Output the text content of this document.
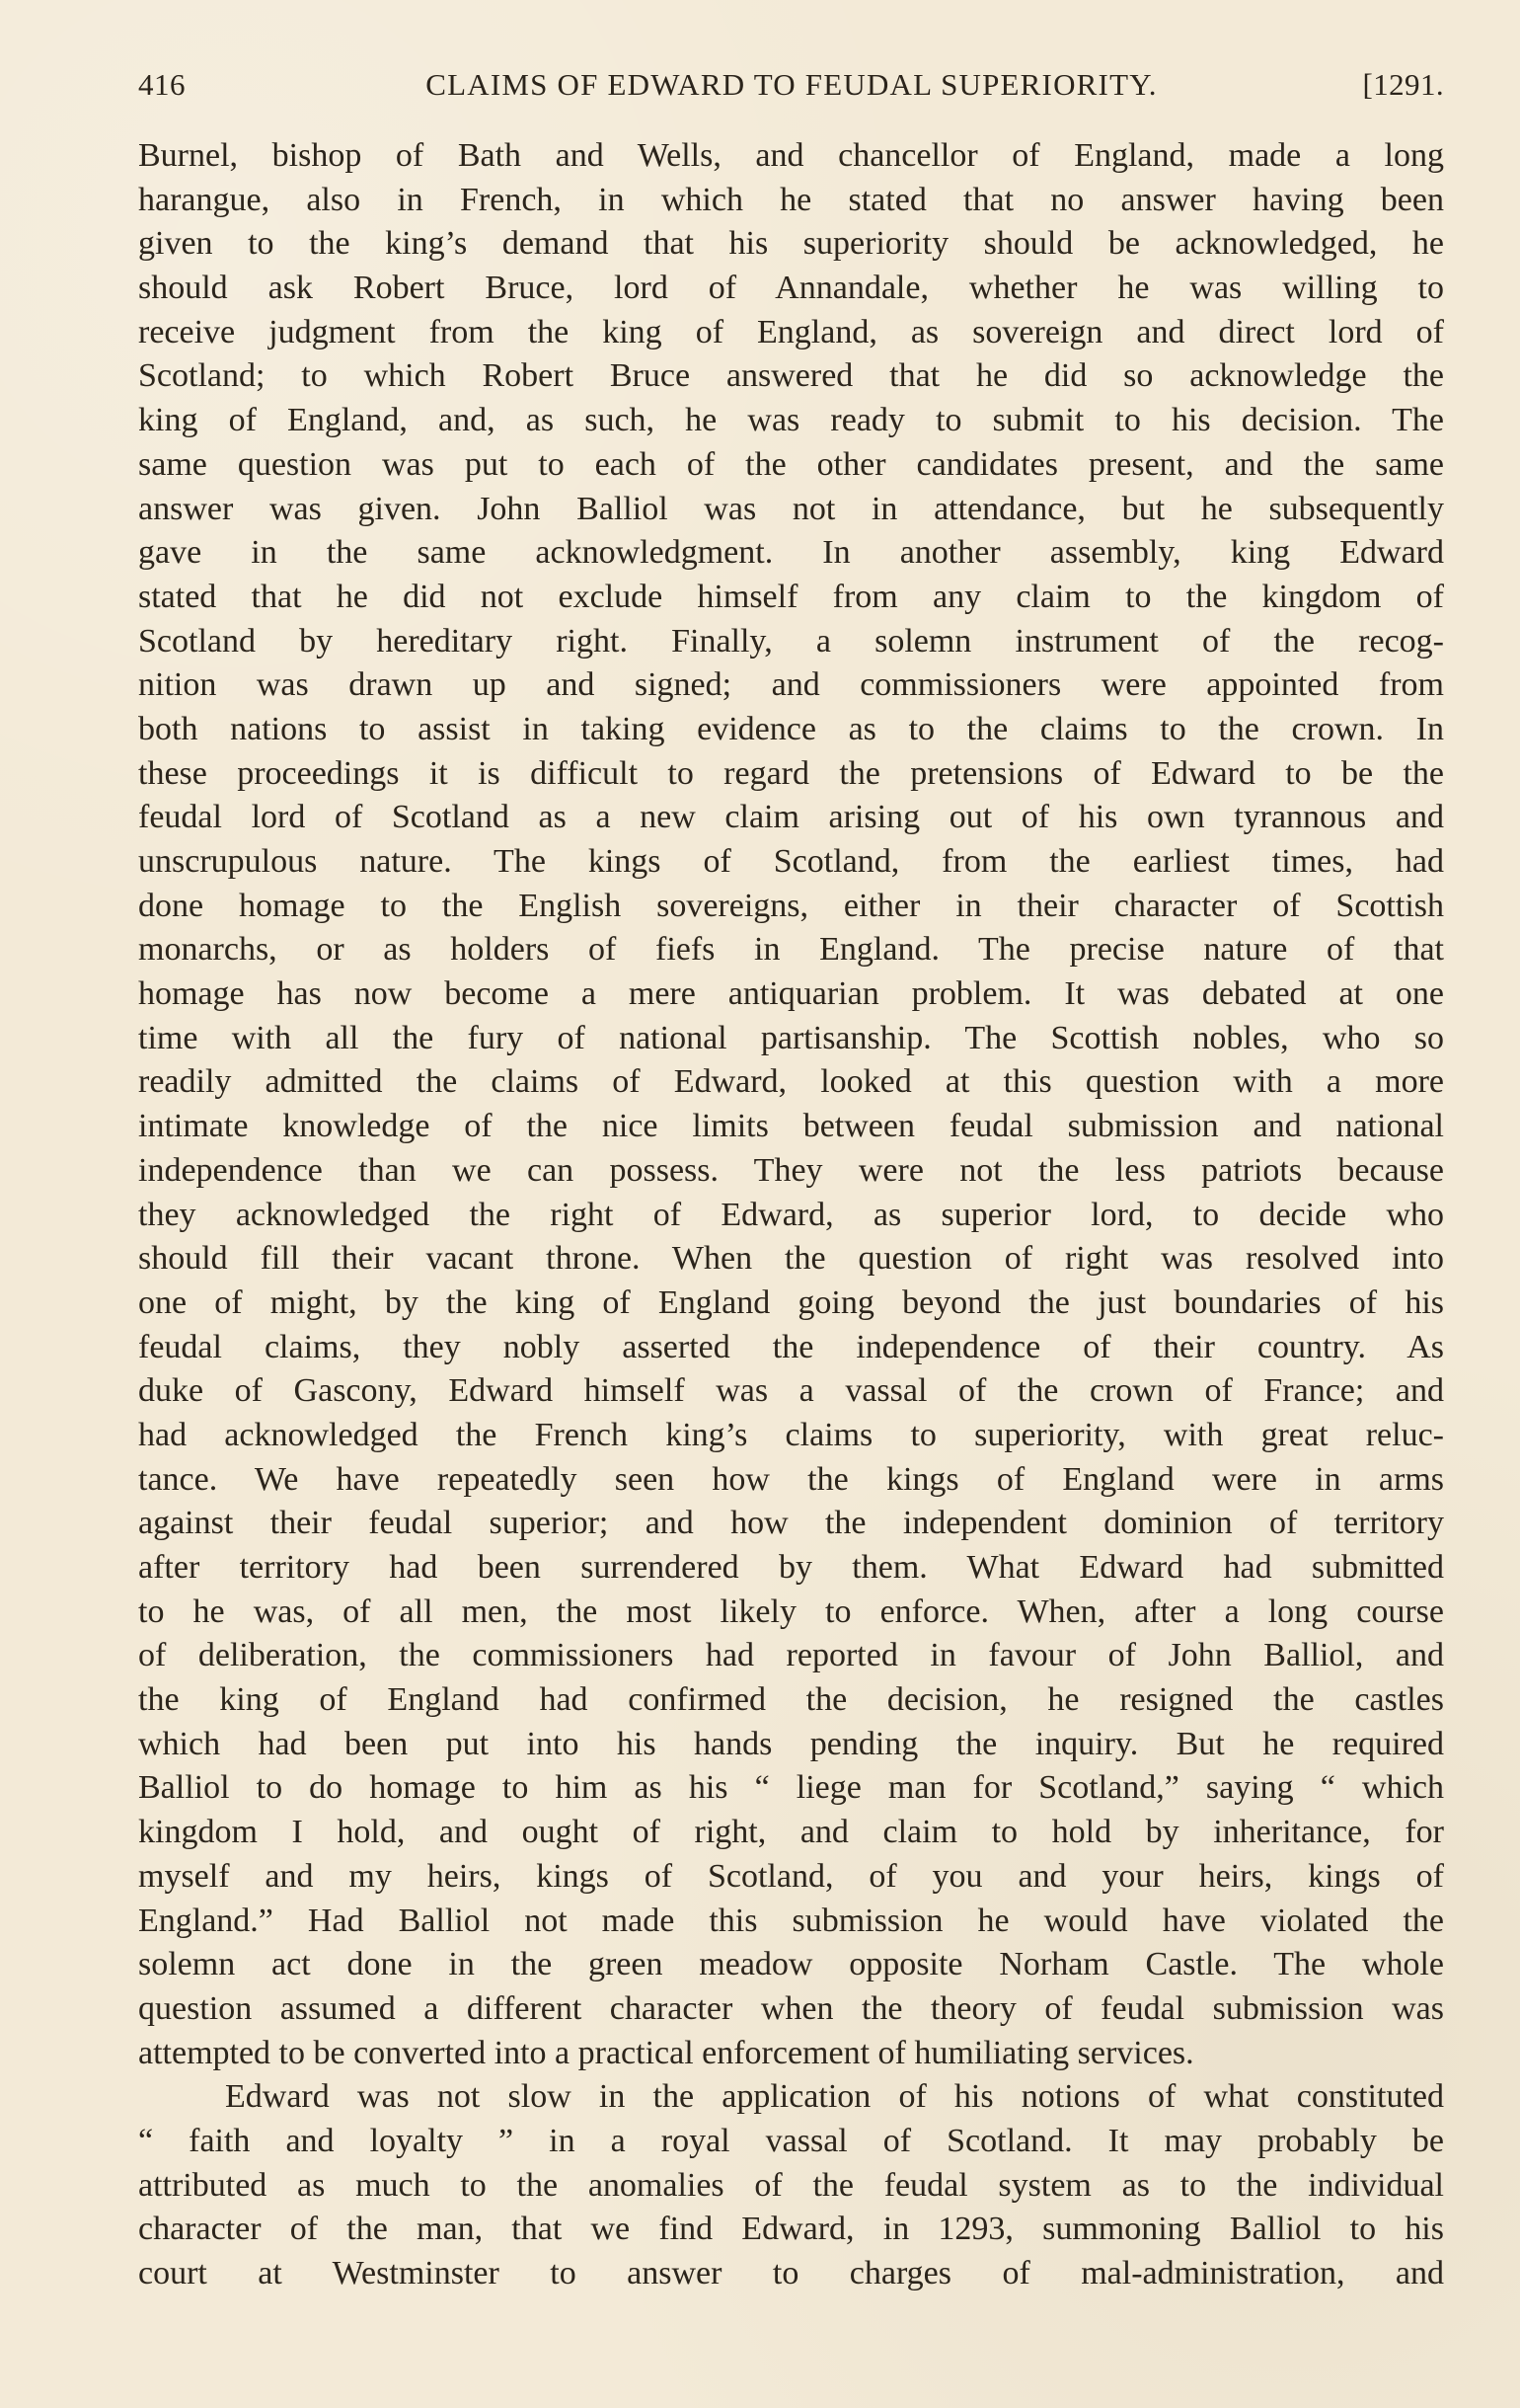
416	CLAIMS OF EDWARD TO FEUDAL SUPERIORITY.	[1291.
Burnel, bishop of Bath and Wells, and chancellor of England, made a long
harangue, also in French, in which he stated that no answer having been
given to the king’s demand that his superiority should be acknowledged, he
should ask Robert Bruce, lord of Annandale, whether he was willing to
receive judgment from the king of England, as sovereign and direct lord of
Scotland; to which Robert Bruce answered that he did so acknowledge the
king of England, and, as such, he was ready to submit to his decision. The
same question was put to each of the other candidates present, and the same
answer was given. John Balliol was not in attendance, but he subsequently
gave in the same acknowledgment. In another assembly, king Edward
stated that he did not exclude himself from any claim to the kingdom of
Scotland by hereditary right. Finally, a solemn instrument of the recog-
nition was drawn up and signed; and commissioners were appointed from
both nations to assist in taking evidence as to the claims to the crown. In
these proceedings it is difficult to regard the pretensions of Edward to be the
feudal lord of Scotland as a new claim arising out of his own tyrannous and
unscrupulous nature. The kings of Scotland, from the earliest times, had
done homage to the English sovereigns, either in their character of Scottish
monarchs, or as holders of fiefs in England. The precise nature of that
homage has now become a mere antiquarian problem. It was debated at one
time with all the fury of national partisanship. The Scottish nobles, who so
readily admitted the claims of Edward, looked at this question with a more
intimate knowledge of the nice limits between feudal submission and national
independence than we can possess. They were not the less patriots because
they acknowledged the right of Edward, as superior lord, to decide who
should fill their vacant throne. When the question of right was resolved into
one of might, by the king of England going beyond the just boundaries of his
feudal claims, they nobly asserted the independence of their country. As
duke of Gascony, Edward himself was a vassal of the crown of France; and
had acknowledged the French king’s claims to superiority, with great reluc-
tance. We have repeatedly seen how the kings of England were in arms
against their feudal superior; and how the independent dominion of territory
after territory had been surrendered by them. What Edward had submitted
to he was, of all men, the most likely to enforce. When, after a long course
of deliberation, the commissioners had reported in favour of John Balliol, and
the king of England had confirmed the decision, he resigned the castles
which had been put into his hands pending the inquiry. But he required
Balliol to do homage to him as his “ liege man for Scotland,” saying “ which
kingdom I hold, and ought of right, and claim to hold by inheritance, for
myself and my heirs, kings of Scotland, of you and your heirs, kings of
England.” Had Balliol not made this submission he would have violated the
solemn act done in the green meadow opposite Norham Castle. The whole
question assumed a different character when the theory of feudal submission was
attempted to be converted into a practical enforcement of humiliating services.
Edward was not slow in the application of his notions of what constituted
“ faith and loyalty ” in a royal vassal of Scotland. It may probably be
attributed as much to the anomalies of the feudal system as to the individual
character of the man, that we find Edward, in 1293, summoning Balliol to his
court at Westminster to answer to charges of mal-administration, and
